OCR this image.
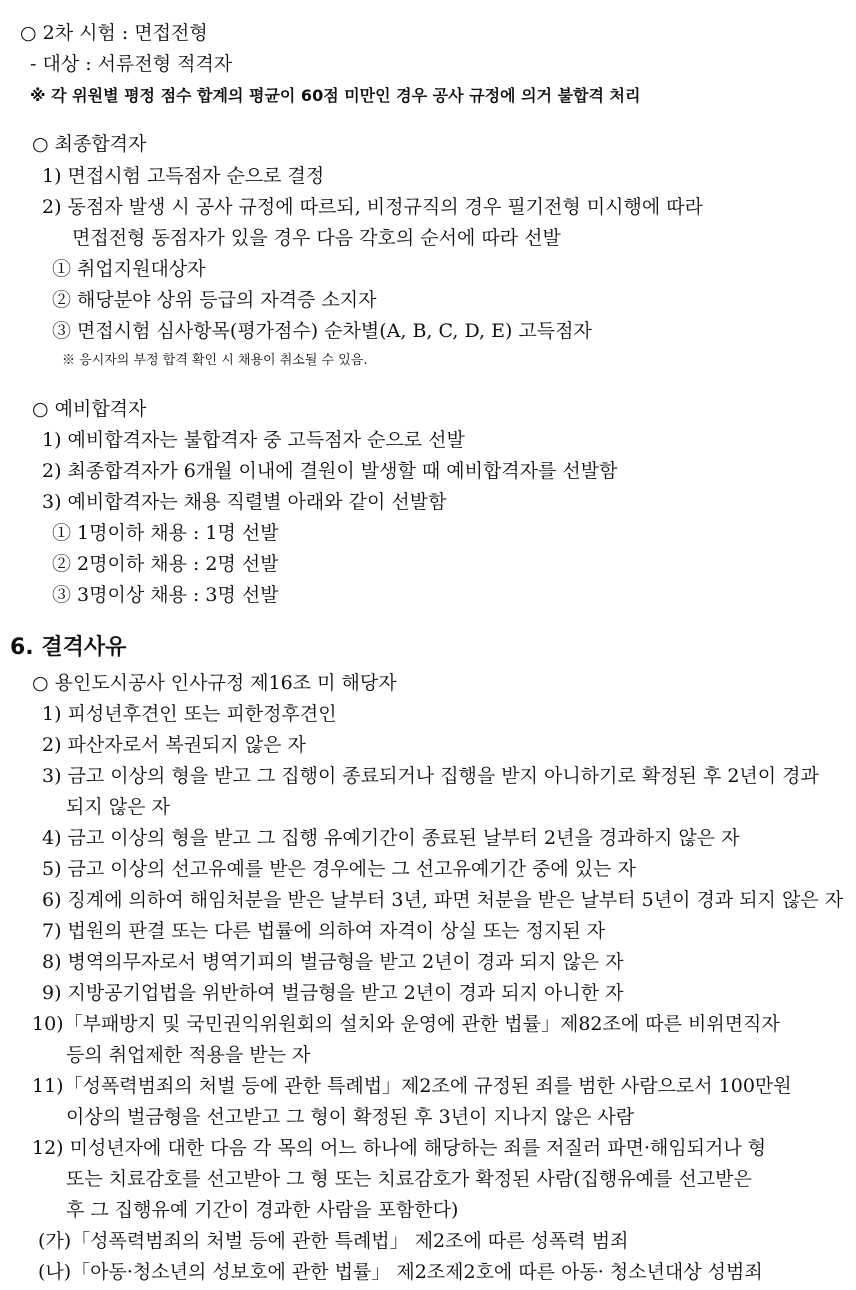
○ 2차 시험 : 면접전형
- 대상 : 서류전형 적격자
※ 각 위원별 평정 점수 합계의 평균이 60점 미만인 경우 공사 규정에 의거 불합격 처리
○ 최종합격자
1) 면접시험 고득점자 순으로 결정
2) 동점자 발생 시 공사 규정에 따르되, 비정규직의 경우 필기전형 미시행에 따라
면접전형 동점자가 있을 경우 다음 각호의 순서에 따라 선발
① 취업지원대상자
② 해당분야 상위 등급의 자격증 소지자
③ 면접시험 심사항목(평가점수) 순차별(A, B, C, D, E) 고득점자
※ 응시자의 부정 합격 확인 시 채용이 취소될 수 있음.
○ 예비합격자
1) 예비합격자는 불합격자 중 고득점자 순으로 선발
2) 최종합격자가 6개월 이내에 결원이 발생할 때 예비합격자를 선발함
3) 예비합격자는 채용 직렬별 아래와 같이 선발함
① 1명이하 채용 : 1명 선발
② 2명이하 채용 : 2명 선발
③ 3명이상 채용 : 3명 선발
6. 결격사유
○ 용인도시공사 인사규정 제16조 미 해당자
1) 피성년후견인 또는 피한정후견인
2) 파산자로서 복권되지 않은 자
3) 금고 이상의 형을 받고 그 집행이 종료되거나 집행을 받지 아니하기로 확정된 후 2년이 경과
되지 않은 자
4) 금고 이상의 형을 받고 그 집행 유예기간이 종료된 날부터 2년을 경과하지 않은 자
5) 금고 이상의 선고유예를 받은 경우에는 그 선고유예기간 중에 있는 자
6) 징계에 의하여 해임처분을 받은 날부터 3년, 파면 처분을 받은 날부터 5년이 경과 되지 않은 자
7) 법원의 판결 또는 다른 법률에 의하여 자격이 상실 또는 정지된 자
8) 병역의무자로서 병역기피의 벌금형을 받고 2년이 경과 되지 않은 자
9) 지방공기업법을 위반하여 벌금형을 받고 2년이 경과 되지 아니한 자
10)「부패방지 및 국민권익위원회의 설치와 운영에 관한 법률」제82조에 따른 비위면직자
등의 취업제한 적용을 받는 자
11)「성폭력범죄의 처벌 등에 관한 특례법」제2조에 규정된 죄를 범한 사람으로서 100만원
이상의 벌금형을 선고받고 그 형이 확정된 후 3년이 지나지 않은 사람
12) 미성년자에 대한 다음 각 목의 어느 하나에 해당하는 죄를 저질러 파면·해임되거나 형
또는 치료감호를 선고받아 그 형 또는 치료감호가 확정된 사람(집행유예를 선고받은
후 그 집행유예 기간이 경과한 사람을 포함한다)
(가)「성폭력범죄의 처벌 등에 관한 특례법」 제2조에 따른 성폭력 범죄
(나)「아동·청소년의 성보호에 관한 법률」 제2조제2호에 따른 아동· 청소년대상 성범죄
